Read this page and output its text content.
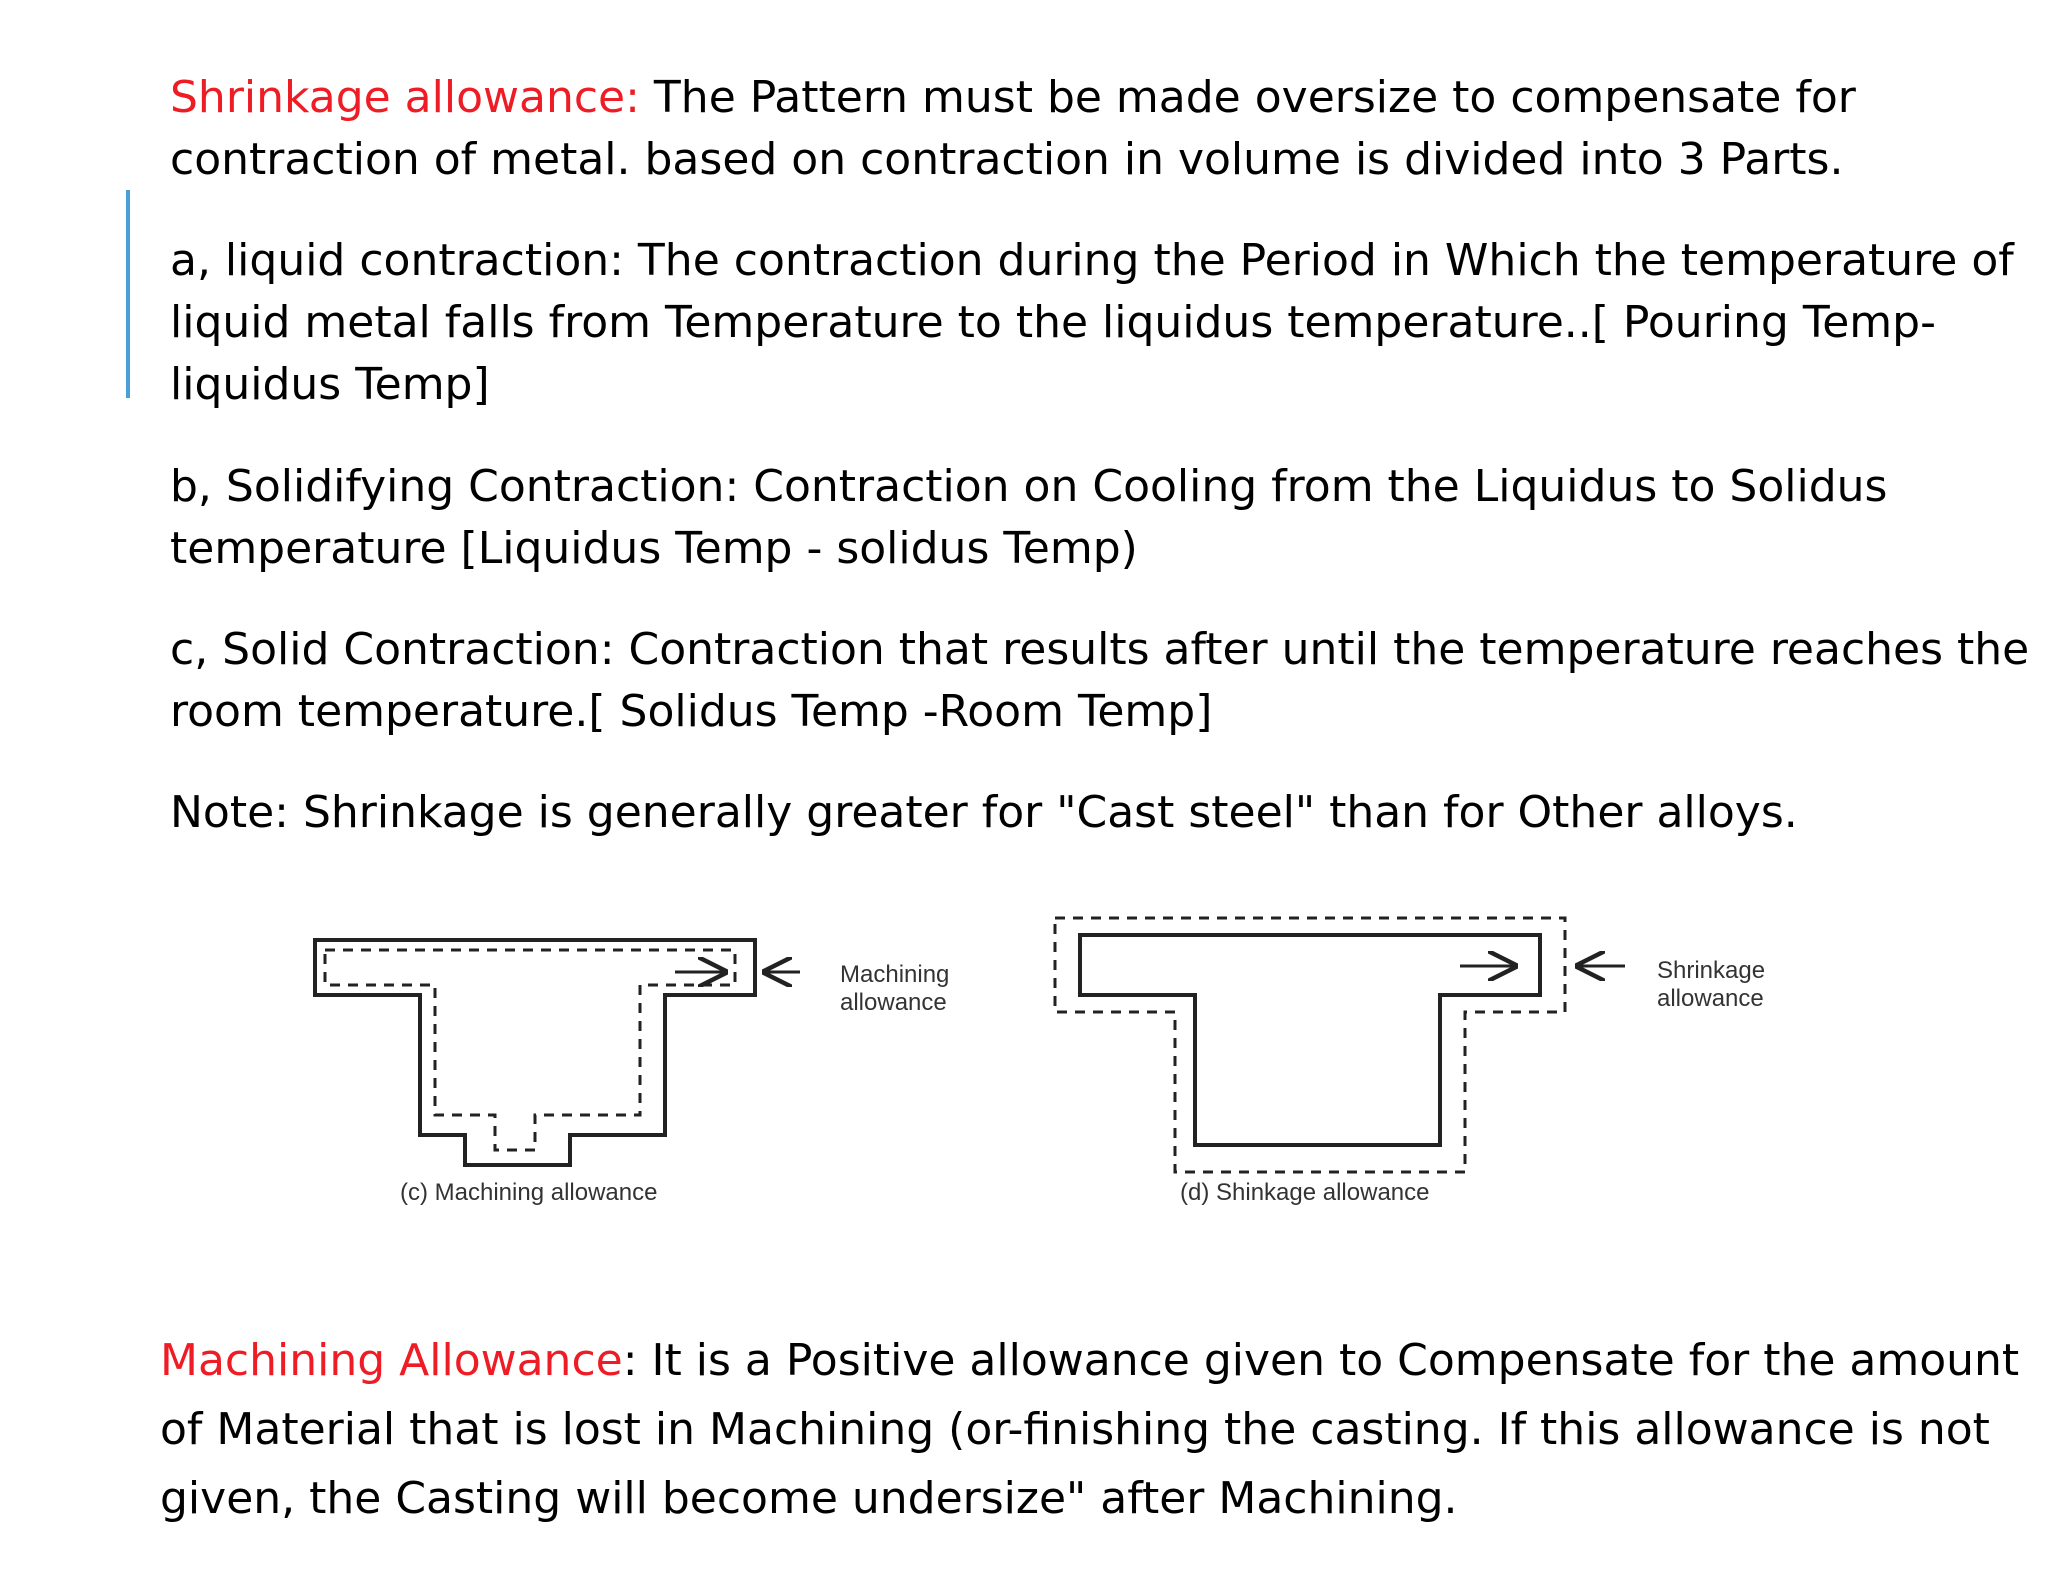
Shrinkage allowance: The Pattern must be made oversize to compensate for contraction of metal. based on contraction in volume is divided into 3 Parts.

a, liquid contraction: The contraction during the Period in Which the temperature of liquid metal falls from Temperature to the liquidus temperature..[ Pouring Temp- liquidus Temp]

b, Solidifying Contraction: Contraction on Cooling from the Liquidus to Solidus temperature [Liquidus Temp - solidus Temp)

c, Solid Contraction: Contraction that results after until the temperature reaches the room temperature.[ Solidus Temp -Room Temp]

Note: Shrinkage is generally greater for "Cast steel" than for Other alloys.

Machining
allowance
(c) Machining allowance
Shrinkage
allowance
(d) Shinkage allowance

Machining Allowance: It is a Positive allowance given to Compensate for the amount of Material that is lost in Machining (or-finishing the casting. If this allowance is not given, the Casting will become undersize" after Machining.
